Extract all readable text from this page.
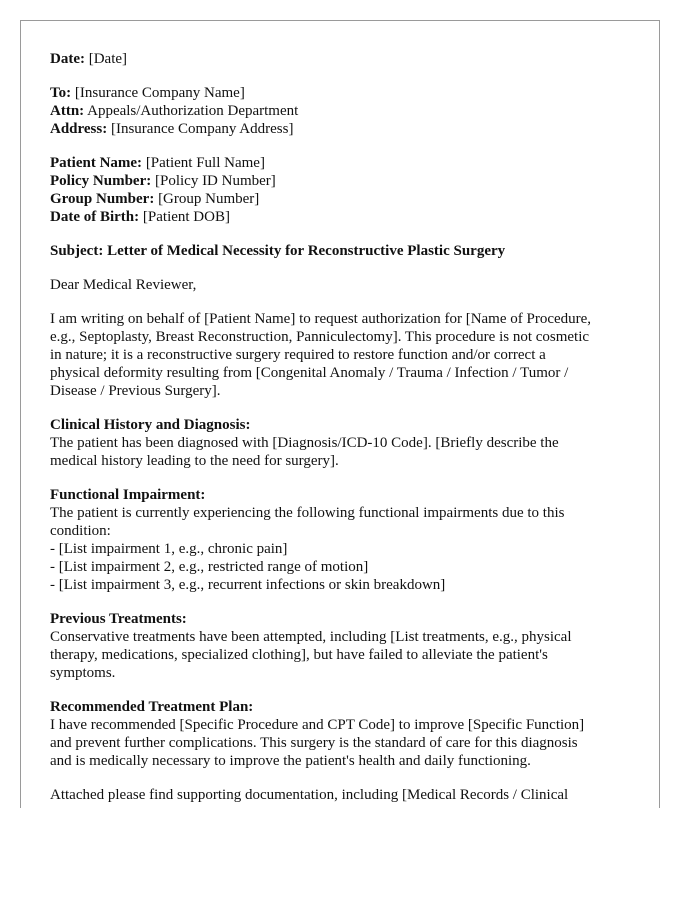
Date: [Date]
To: [Insurance Company Name]
Attn: Appeals/Authorization Department
Address: [Insurance Company Address]
Patient Name: [Patient Full Name]
Policy Number: [Policy ID Number]
Group Number: [Group Number]
Date of Birth: [Patient DOB]
Subject: Letter of Medical Necessity for Reconstructive Plastic Surgery
Dear Medical Reviewer,
I am writing on behalf of [Patient Name] to request authorization for [Name of Procedure,
e.g., Septoplasty, Breast Reconstruction, Panniculectomy]. This procedure is not cosmetic
in nature; it is a reconstructive surgery required to restore function and/or correct a
physical deformity resulting from [Congenital Anomaly / Trauma / Infection / Tumor /
Disease / Previous Surgery].
Clinical History and Diagnosis:
The patient has been diagnosed with [Diagnosis/ICD-10 Code]. [Briefly describe the
medical history leading to the need for surgery].
Functional Impairment:
The patient is currently experiencing the following functional impairments due to this
condition:
- [List impairment 1, e.g., chronic pain]
- [List impairment 2, e.g., restricted range of motion]
- [List impairment 3, e.g., recurrent infections or skin breakdown]
Previous Treatments:
Conservative treatments have been attempted, including [List treatments, e.g., physical
therapy, medications, specialized clothing], but have failed to alleviate the patient's
symptoms.
Recommended Treatment Plan:
I have recommended [Specific Procedure and CPT Code] to improve [Specific Function]
and prevent further complications. This surgery is the standard of care for this diagnosis
and is medically necessary to improve the patient's health and daily functioning.
Attached please find supporting documentation, including [Medical Records / Clinical
